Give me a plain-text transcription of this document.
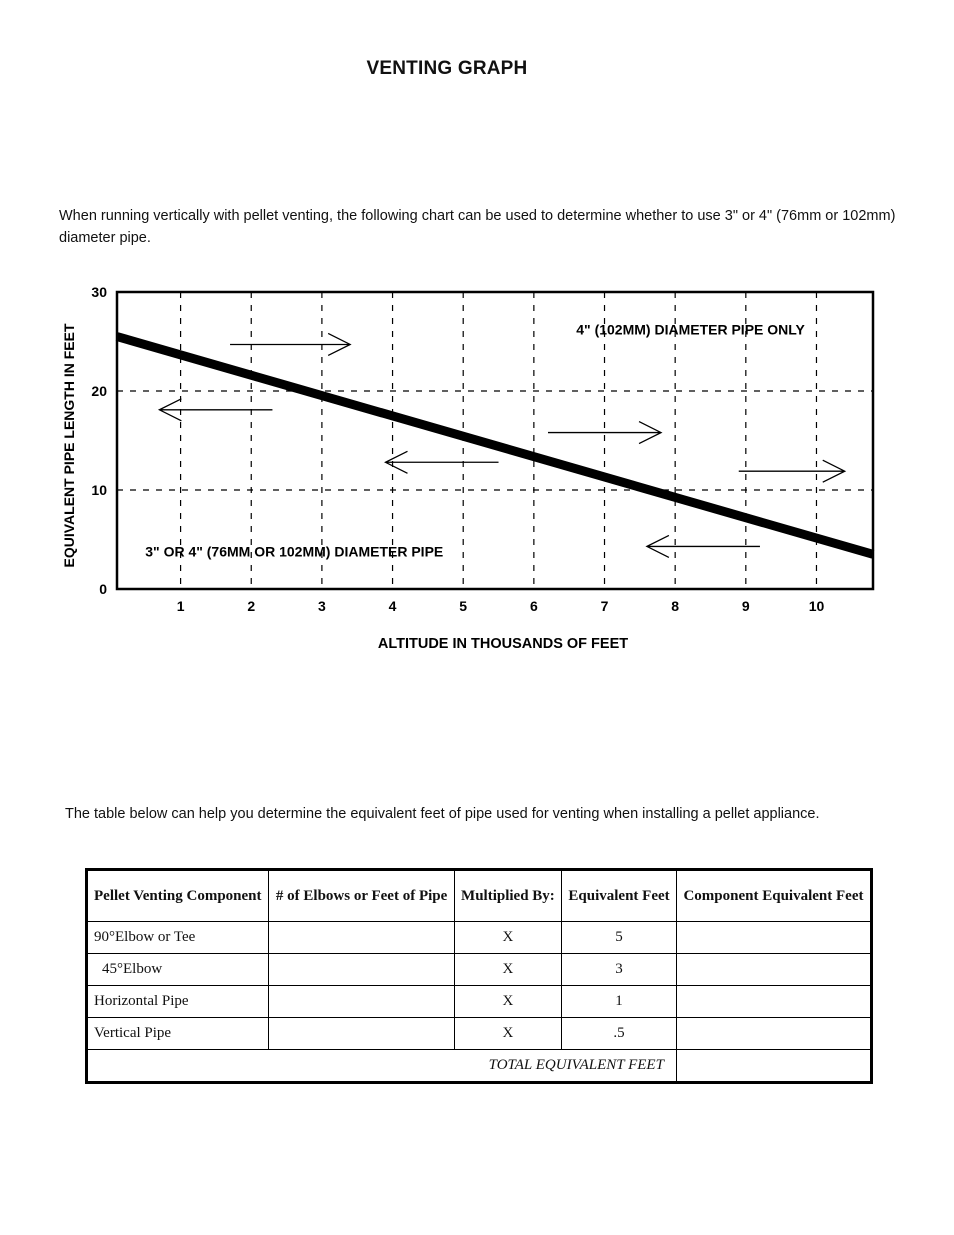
VENTING GRAPH
When running vertically with pellet venting, the following chart can be used to determine whether to use 3" or 4" (76mm or 102mm) diameter pipe.
1	2	3	4	5	6	7	8	9	10
0
10
20
30
4" (102MM) DIAMETER PIPE ONLY
3" OR 4" (76MM OR 102MM) DIAMETER PIPE
ALTITUDE IN THOUSANDS OF FEET
EQUIVALENT PIPE LENGTH IN FEET
The table below can help you determine the equivalent feet of pipe used for venting when installing a pellet appliance.
Pellet Venting Component	# of Elbows or Feet of Pipe	Multiplied By:	Equivalent Feet	Component Equivalent Feet
90°Elbow or Tee		X	5	
45°Elbow		X	3	
Horizontal Pipe		X	1	
Vertical Pipe		X	.5	
TOTAL EQUIVALENT FEET				
